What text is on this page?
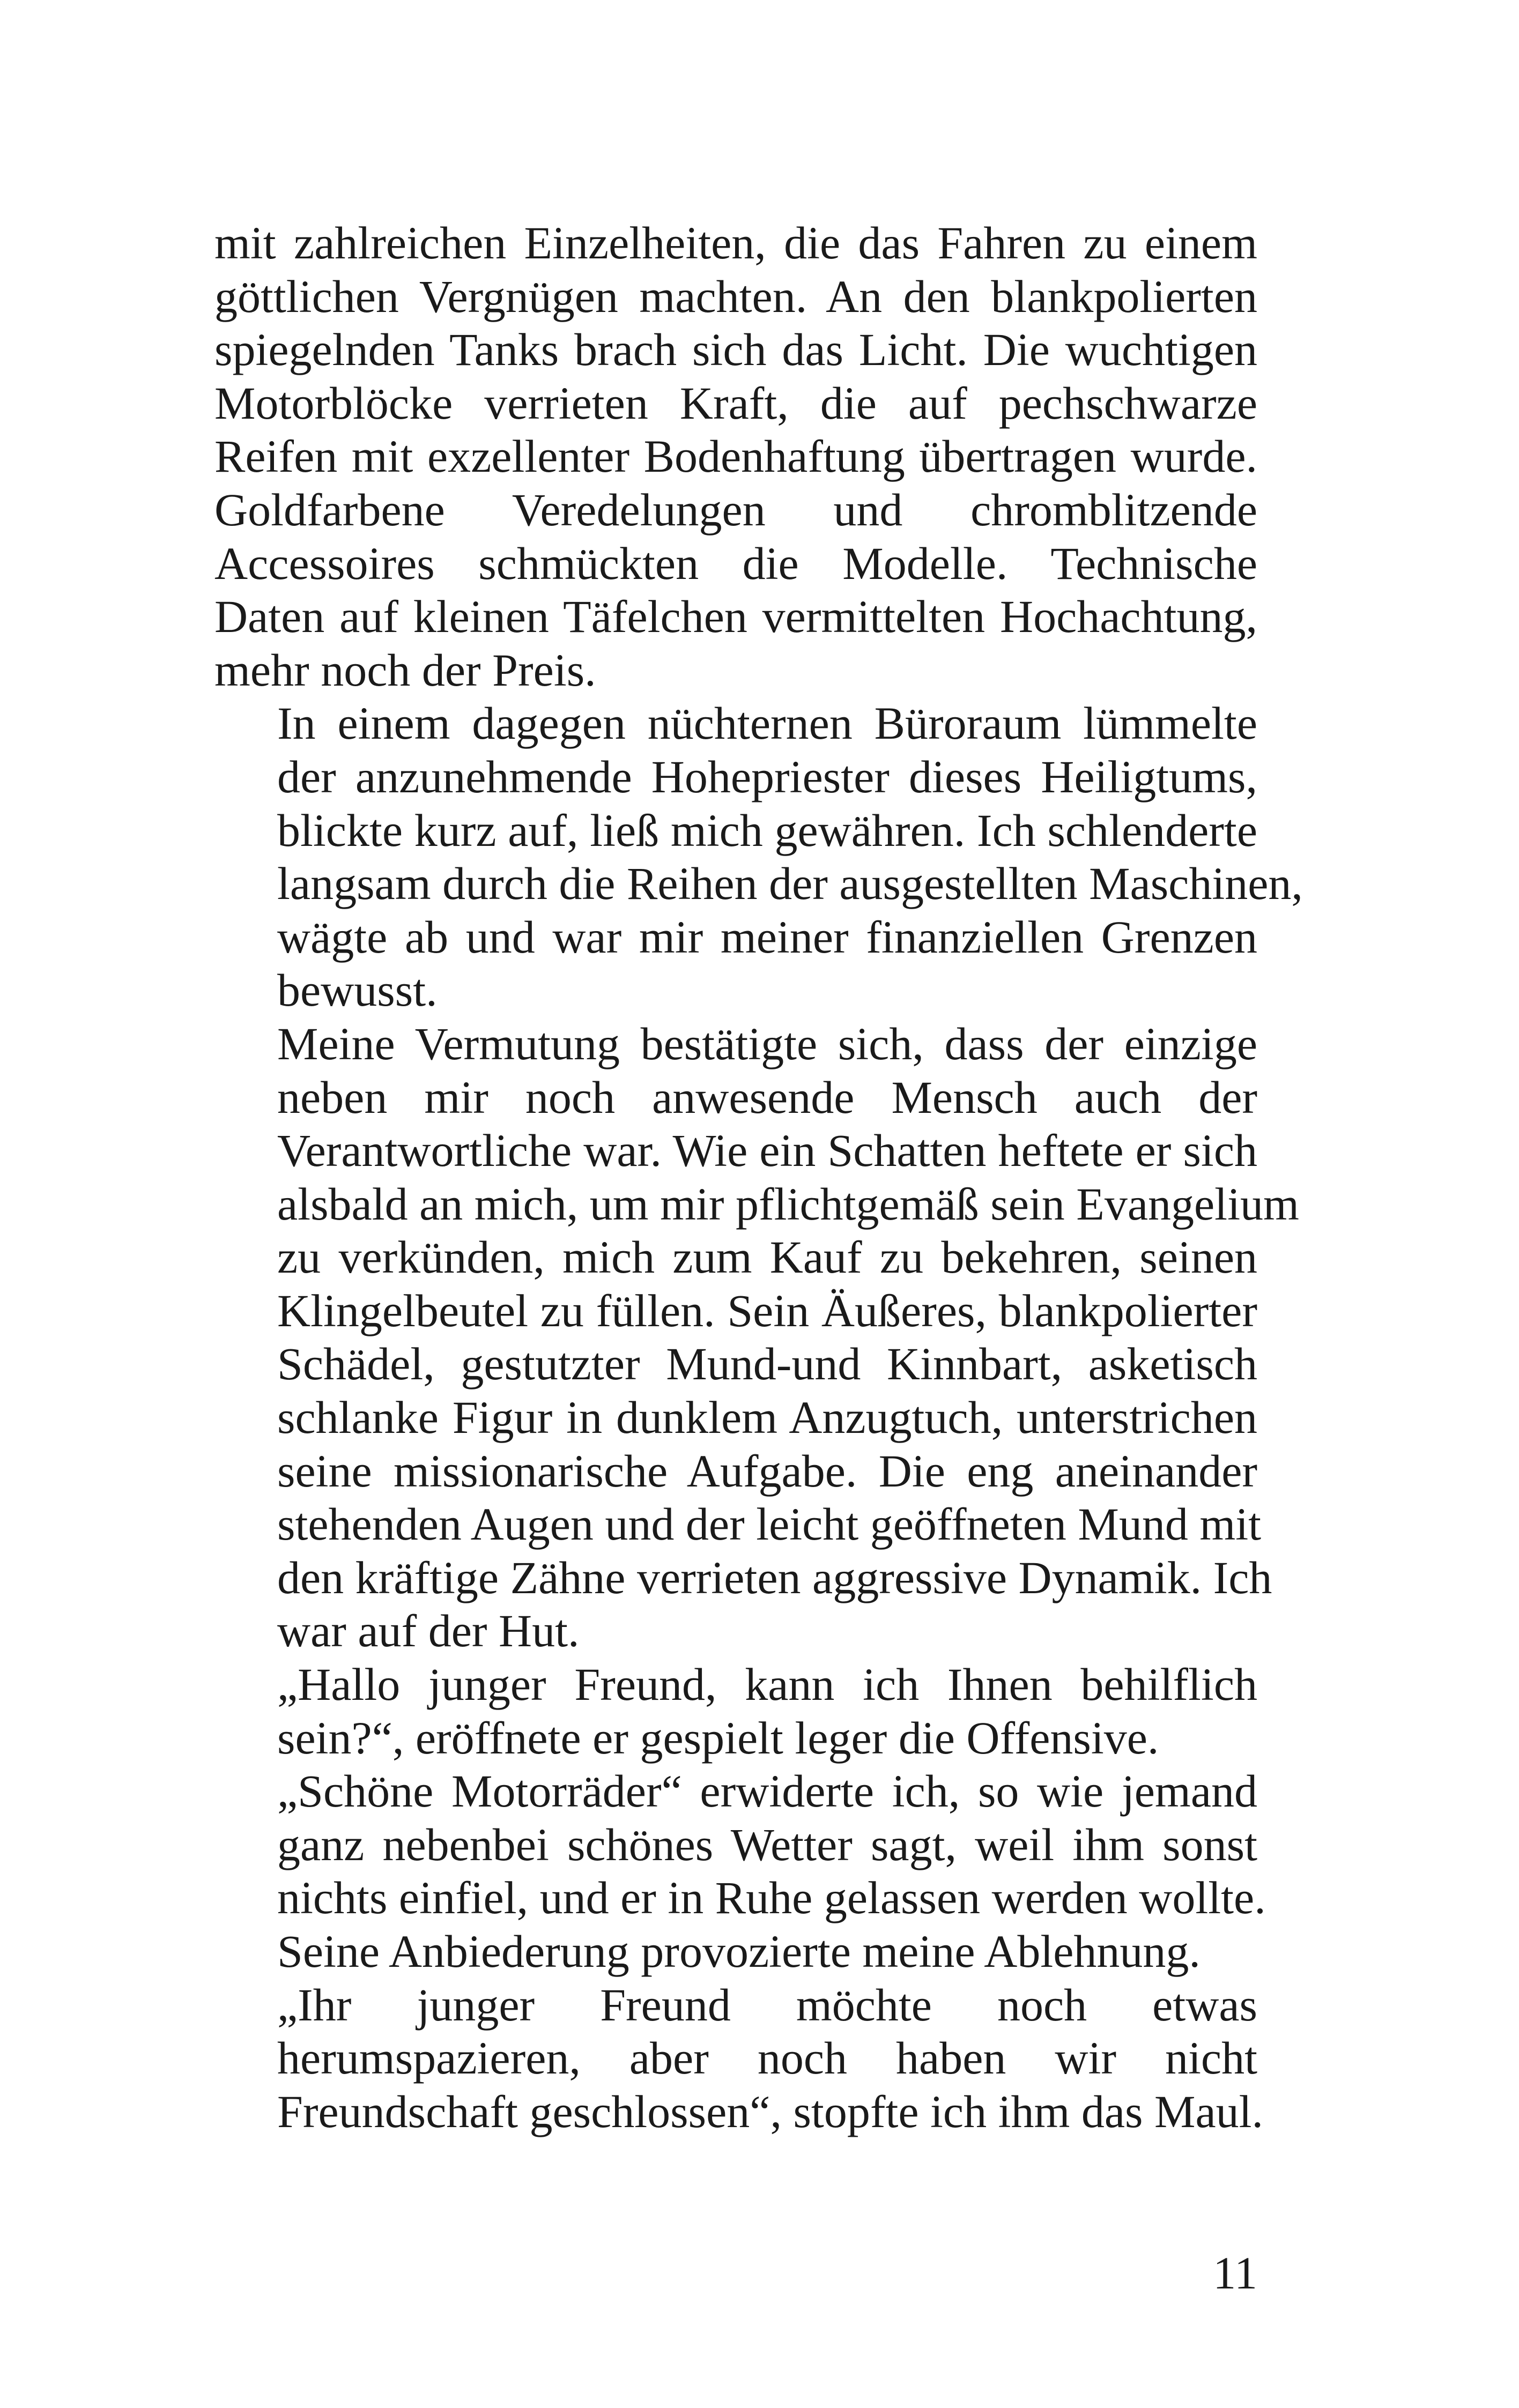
mit zahlreichen Einzelheiten, die das Fahren zu einem
göttlichen Vergnügen machten. An den blankpolierten
spiegelnden Tanks brach sich das Licht. Die wuchtigen
Motorblöcke verrieten Kraft, die auf pechschwarze
Reifen mit exzellenter Bodenhaftung übertragen wurde.
Goldfarbene Veredelungen und chromblitzende
Accessoires schmückten die Modelle. Technische
Daten auf kleinen Täfelchen vermittelten Hochachtung,
mehr noch der Preis.

In einem dagegen nüchternen Büroraum lümmelte
der anzunehmende Hohepriester dieses Heiligtums,
blickte kurz auf, ließ mich gewähren. Ich schlenderte
langsam durch die Reihen der ausgestellten Maschinen,
wägte ab und war mir meiner finanziellen Grenzen
bewusst.

Meine Vermutung bestätigte sich, dass der einzige
neben mir noch anwesende Mensch auch der
Verantwortliche war. Wie ein Schatten heftete er sich
alsbald an mich, um mir pflichtgemäß sein Evangelium
zu verkünden, mich zum Kauf zu bekehren, seinen
Klingelbeutel zu füllen. Sein Äußeres, blankpolierter
Schädel, gestutzter Mund-und Kinnbart, asketisch
schlanke Figur in dunklem Anzugtuch, unterstrichen
seine missionarische Aufgabe. Die eng aneinander
stehenden Augen und der leicht geöffneten Mund mit
den kräftige Zähne verrieten aggressive Dynamik. Ich
war auf der Hut.

„Hallo junger Freund, kann ich Ihnen behilflich
sein?“, eröffnete er gespielt leger die Offensive.

„Schöne Motorräder“ erwiderte ich, so wie jemand
ganz nebenbei schönes Wetter sagt, weil ihm sonst
nichts einfiel, und er in Ruhe gelassen werden wollte.
Seine Anbiederung provozierte meine Ablehnung.

„Ihr junger Freund möchte noch etwas
herumspazieren, aber noch haben wir nicht
Freundschaft geschlossen“, stopfte ich ihm das Maul.

11
